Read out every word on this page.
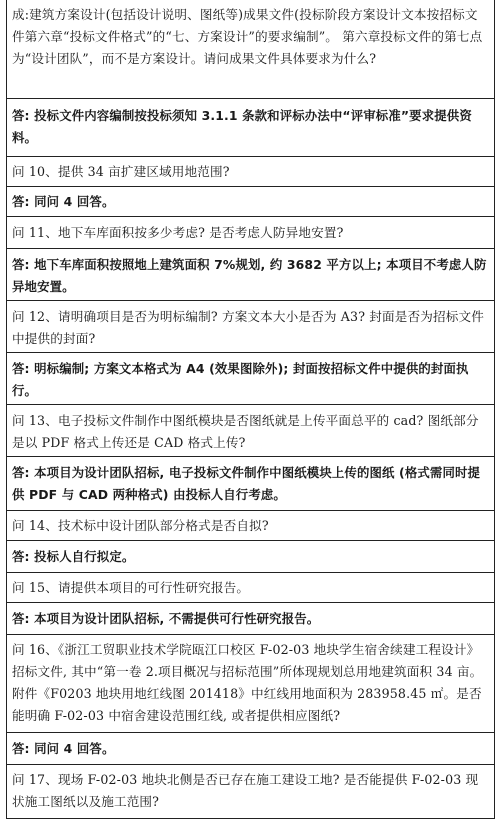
成:建筑方案设计(包括设计说明、图纸等)成果文件(投标阶段方案设计文本按招标文件第六章“投标文件格式”的“七、方案设计”的要求编制”。 第六章投标文件的第七点为“设计团队”，而不是方案设计。请问成果文件具体要求为什么?
答: 投标文件内容编制按投标须知 3.1.1 条款和评标办法中“评审标准”要求提供资料。
问 10、提供 34 亩扩建区域用地范围?
答: 同问 4 回答。
问 11、地下车库面积按多少考虑? 是否考虑人防异地安置?
答: 地下车库面积按照地上建筑面积 7%规划, 约 3682 平方以上; 本项目不考虑人防异地安置。
问 12、请明确项目是否为明标编制? 方案文本大小是否为 A3? 封面是否为招标文件中提供的封面?
答: 明标编制; 方案文本格式为 A4 (效果图除外); 封面按招标文件中提供的封面执行。
问 13、电子投标文件制作中图纸模块是否图纸就是上传平面总平的 cad? 图纸部分是以 PDF 格式上传还是 CAD 格式上传?
答: 本项目为设计团队招标, 电子投标文件制作中图纸模块上传的图纸 (格式需同时提供 PDF 与 CAD 两种格式) 由投标人自行考虑。
问 14、技术标中设计团队部分格式是否自拟?
答: 投标人自行拟定。
问 15、请提供本项目的可行性研究报告。
答: 本项目为设计团队招标, 不需提供可行性研究报告。
问 16、《浙江工贸职业技术学院瓯江口校区 F-02-03 地块学生宿舍续建工程设计》招标文件, 其中“第一卷 2.项目概况与招标范围”所体现规划总用地建筑面积 34 亩。附件《F0203 地块用地红线图 201418》中红线用地面积为 283958.45 ㎡。是否能明确 F-02-03 中宿舍建设范围红线, 或者提供相应图纸?
答: 同问 4 回答。
问 17、现场 F-02-03 地块北侧是否已存在施工建设工地? 是否能提供 F-02-03 现状施工图纸以及施工范围?
